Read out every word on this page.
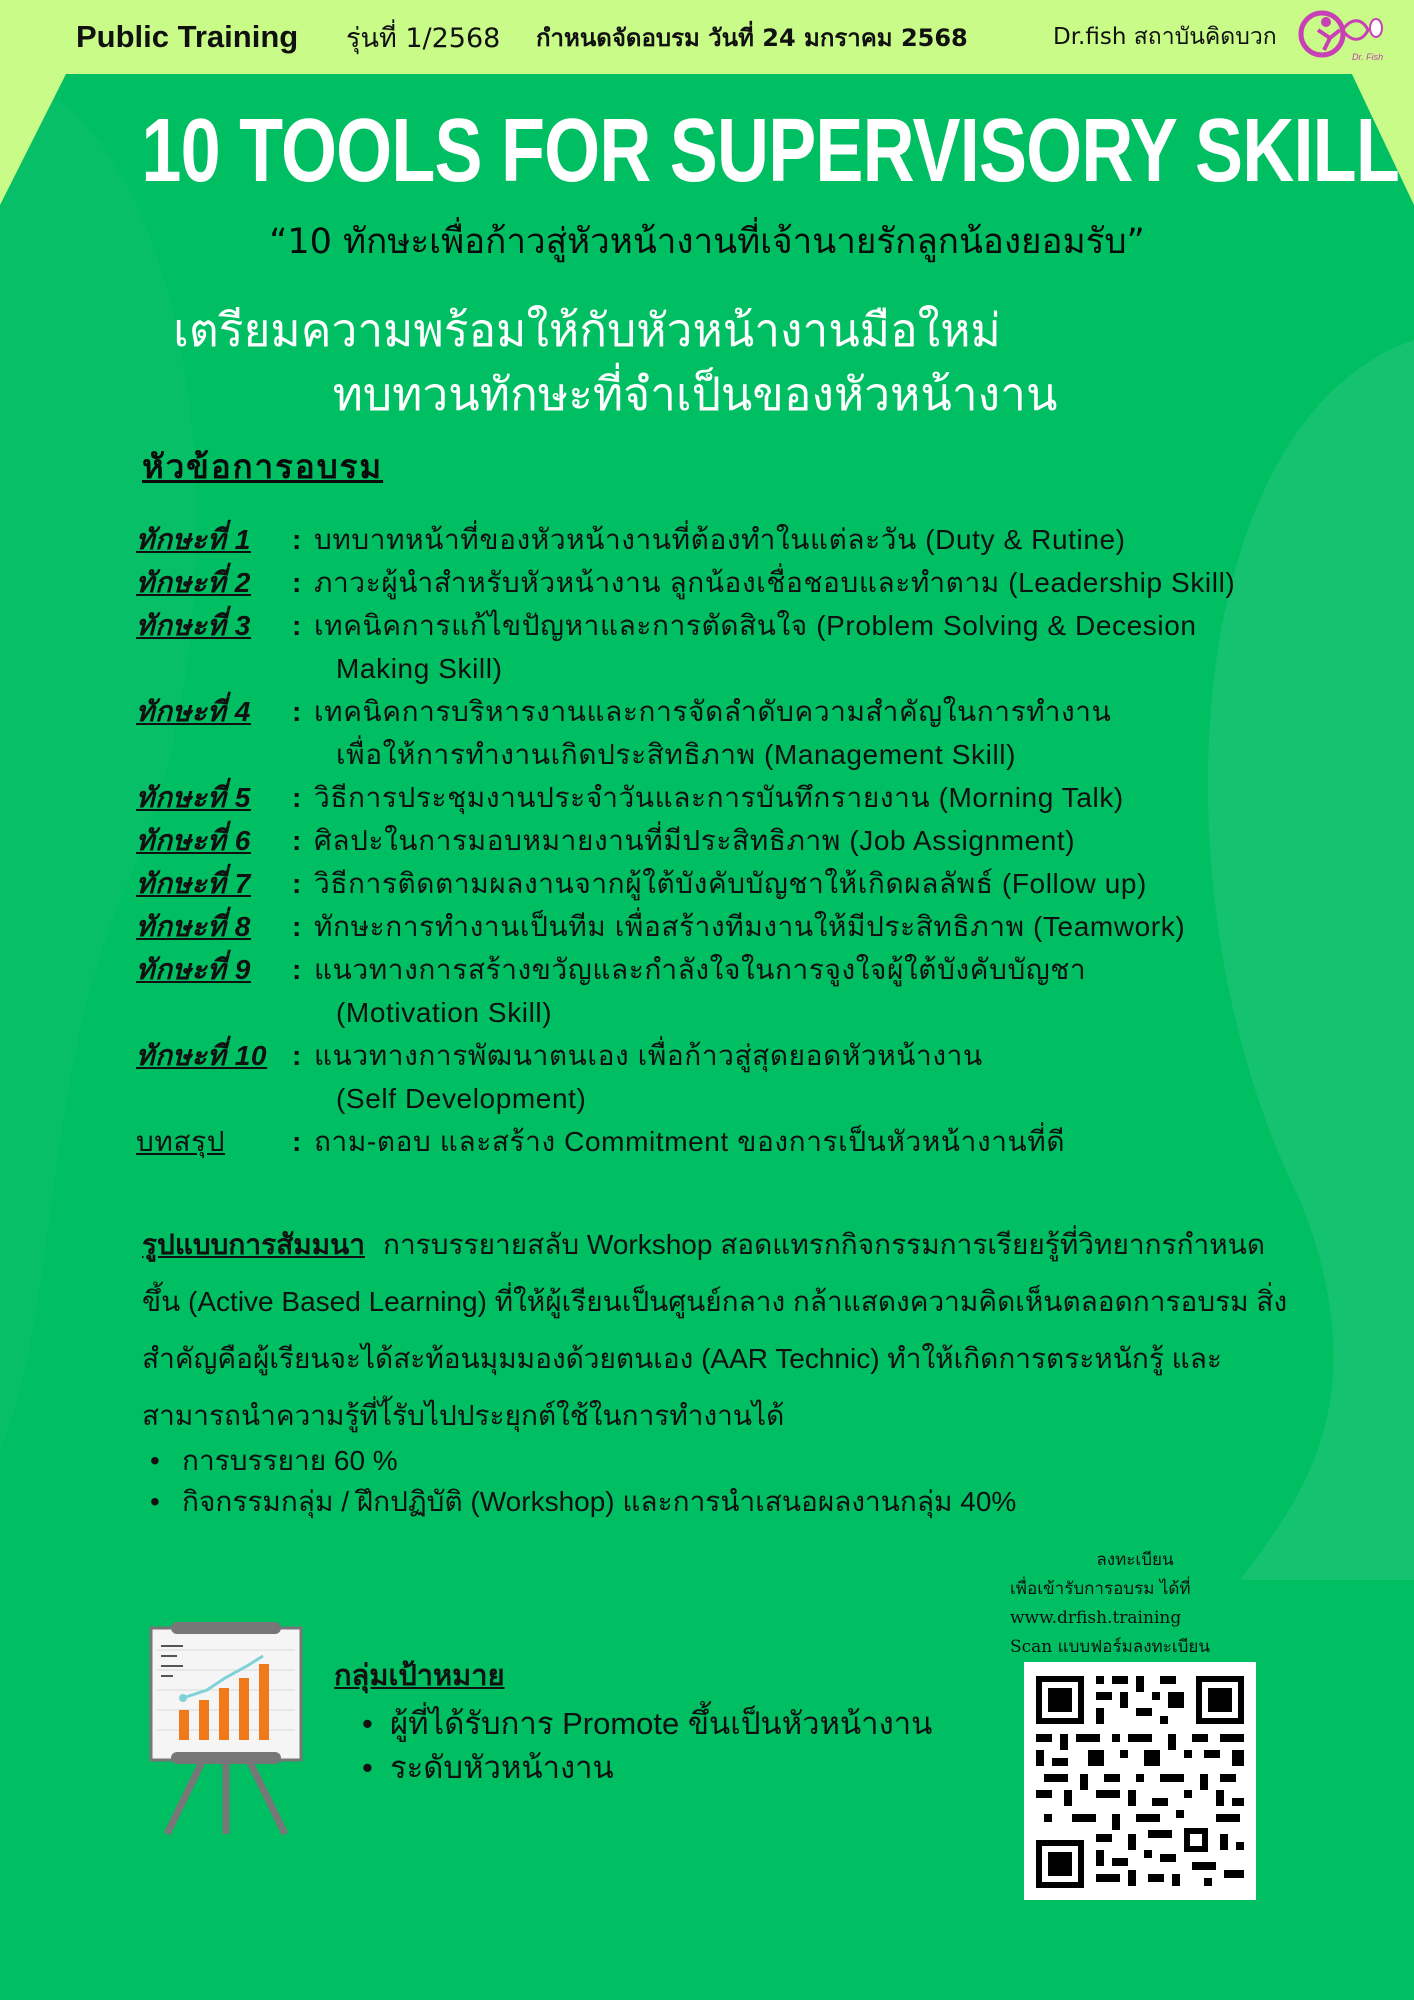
Public Training รุ่นที่ 1/2568 กำหนดจัดอบรม วันที่ 24 มกราคม 2568	Dr.fish สถาบันคิดบวก
Dr. Fish
10 TOOLS FOR SUPERVISORY SKILL
“10 ทักษะเพื่อก้าวสู่หัวหน้างานที่เจ้านายรักลูกน้องยอมรับ”
เตรียมความพร้อมให้กับหัวหน้างานมือใหม่
ทบทวนทักษะที่จำเป็นของหัวหน้างาน
หัวข้อการอบรม
ทักษะที่ 1	: บทบาทหน้าที่ของหัวหน้างานที่ต้องทำในแต่ละวัน (Duty & Rutine)
ทักษะที่ 2	: ภาวะผู้นำสำหรับหัวหน้างาน ลูกน้องเชื่อชอบและทำตาม (Leadership Skill)
ทักษะที่ 3	: เทคนิคการแก้ไขปัญหาและการตัดสินใจ (Problem Solving & Decesion
Making Skill)
ทักษะที่ 4	: เทคนิคการบริหารงานและการจัดลำดับความสำคัญในการทำงาน
เพื่อให้การทำงานเกิดประสิทธิภาพ (Management Skill)
ทักษะที่ 5	: วิธีการประชุมงานประจำวันและการบันทึกรายงาน (Morning Talk)
ทักษะที่ 6	: ศิลปะในการมอบหมายงานที่มีประสิทธิภาพ (Job Assignment)
ทักษะที่ 7	: วิธีการติดตามผลงานจากผู้ใต้บังคับบัญชาให้เกิดผลลัพธ์ (Follow up)
ทักษะที่ 8	: ทักษะการทำงานเป็นทีม เพื่อสร้างทีมงานให้มีประสิทธิภาพ (Teamwork)
ทักษะที่ 9	: แนวทางการสร้างขวัญและกำลังใจในการจูงใจผู้ใต้บังคับบัญชา
(Motivation Skill)
ทักษะที่ 10 : แนวทางการพัฒนาตนเอง เพื่อก้าวสู่สุดยอดหัวหน้างาน
(Self Development)
บทสรุป	: ถาม-ตอบ และสร้าง Commitment ของการเป็นหัวหน้างานที่ดี
รูปแบบการสัมมนา การบรรยายสลับ Workshop สอดแทรกกิจกรรมการเรียยรู้ที่วิทยากรกำหนดขึ้น (Active Based Learning) ที่ให้ผู้เรียนเป็นศูนย์กลาง กล้าแสดงความคิดเห็นตลอดการอบรม สิ่งสำคัญคือผู้เรียนจะได้สะท้อนมุมมองด้วยตนเอง (AAR Technic) ทำให้เกิดการตระหนักรู้ และสามารถนำความรู้ที่ไ้รับไปประยุกต์ใช้ในการทำงานได้
• การบรรยาย 60 %
• กิจกรรมกลุ่ม / ฝึกปฏิบัติ (Workshop) และการนำเสนอผลงานกลุ่ม 40%
กลุ่มเป้าหมาย
• ผู้ที่ได้รับการ Promote ขึ้นเป็นหัวหน้างาน
• ระดับหัวหน้างาน
ลงทะเบียน
เพื่อเข้ารับการอบรม ได้ที่
www.drfish.training
Scan แบบฟอร์มลงทะเบียน
